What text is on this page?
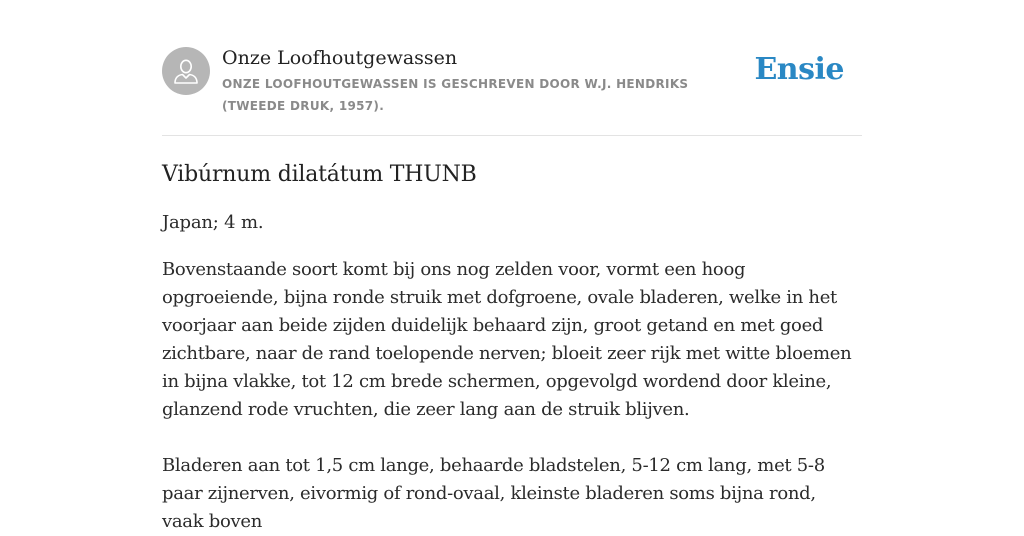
Onze Loofhoutgewassen
ONZE LOOFHOUTGEWASSEN IS GESCHREVEN DOOR W.J. HENDRIKS (TWEEDE DRUK, 1957).
Ensie
Vibúrnum dilatátum THUNB

Japan; 4 m.

Bovenstaande soort komt bij ons nog zelden voor, vormt een hoog opgroeiende, bijna ronde struik met dofgroene, ovale bladeren, welke in het voorjaar aan beide zijden duidelijk behaard zijn, groot getand en met goed zichtbare, naar de rand toelopende nerven; bloeit zeer rijk met witte bloemen in bijna vlakke, tot 12 cm brede schermen, opgevolgd wordend door kleine, glanzend rode vruchten, die zeer lang aan de struik blijven.

Bladeren aan tot 1,5 cm lange, behaarde bladstelen, 5-12 cm lang, met 5-8 paar zijnerven, eivormig of rond-ovaal, kleinste bladeren soms bijna rond, vaak boven
